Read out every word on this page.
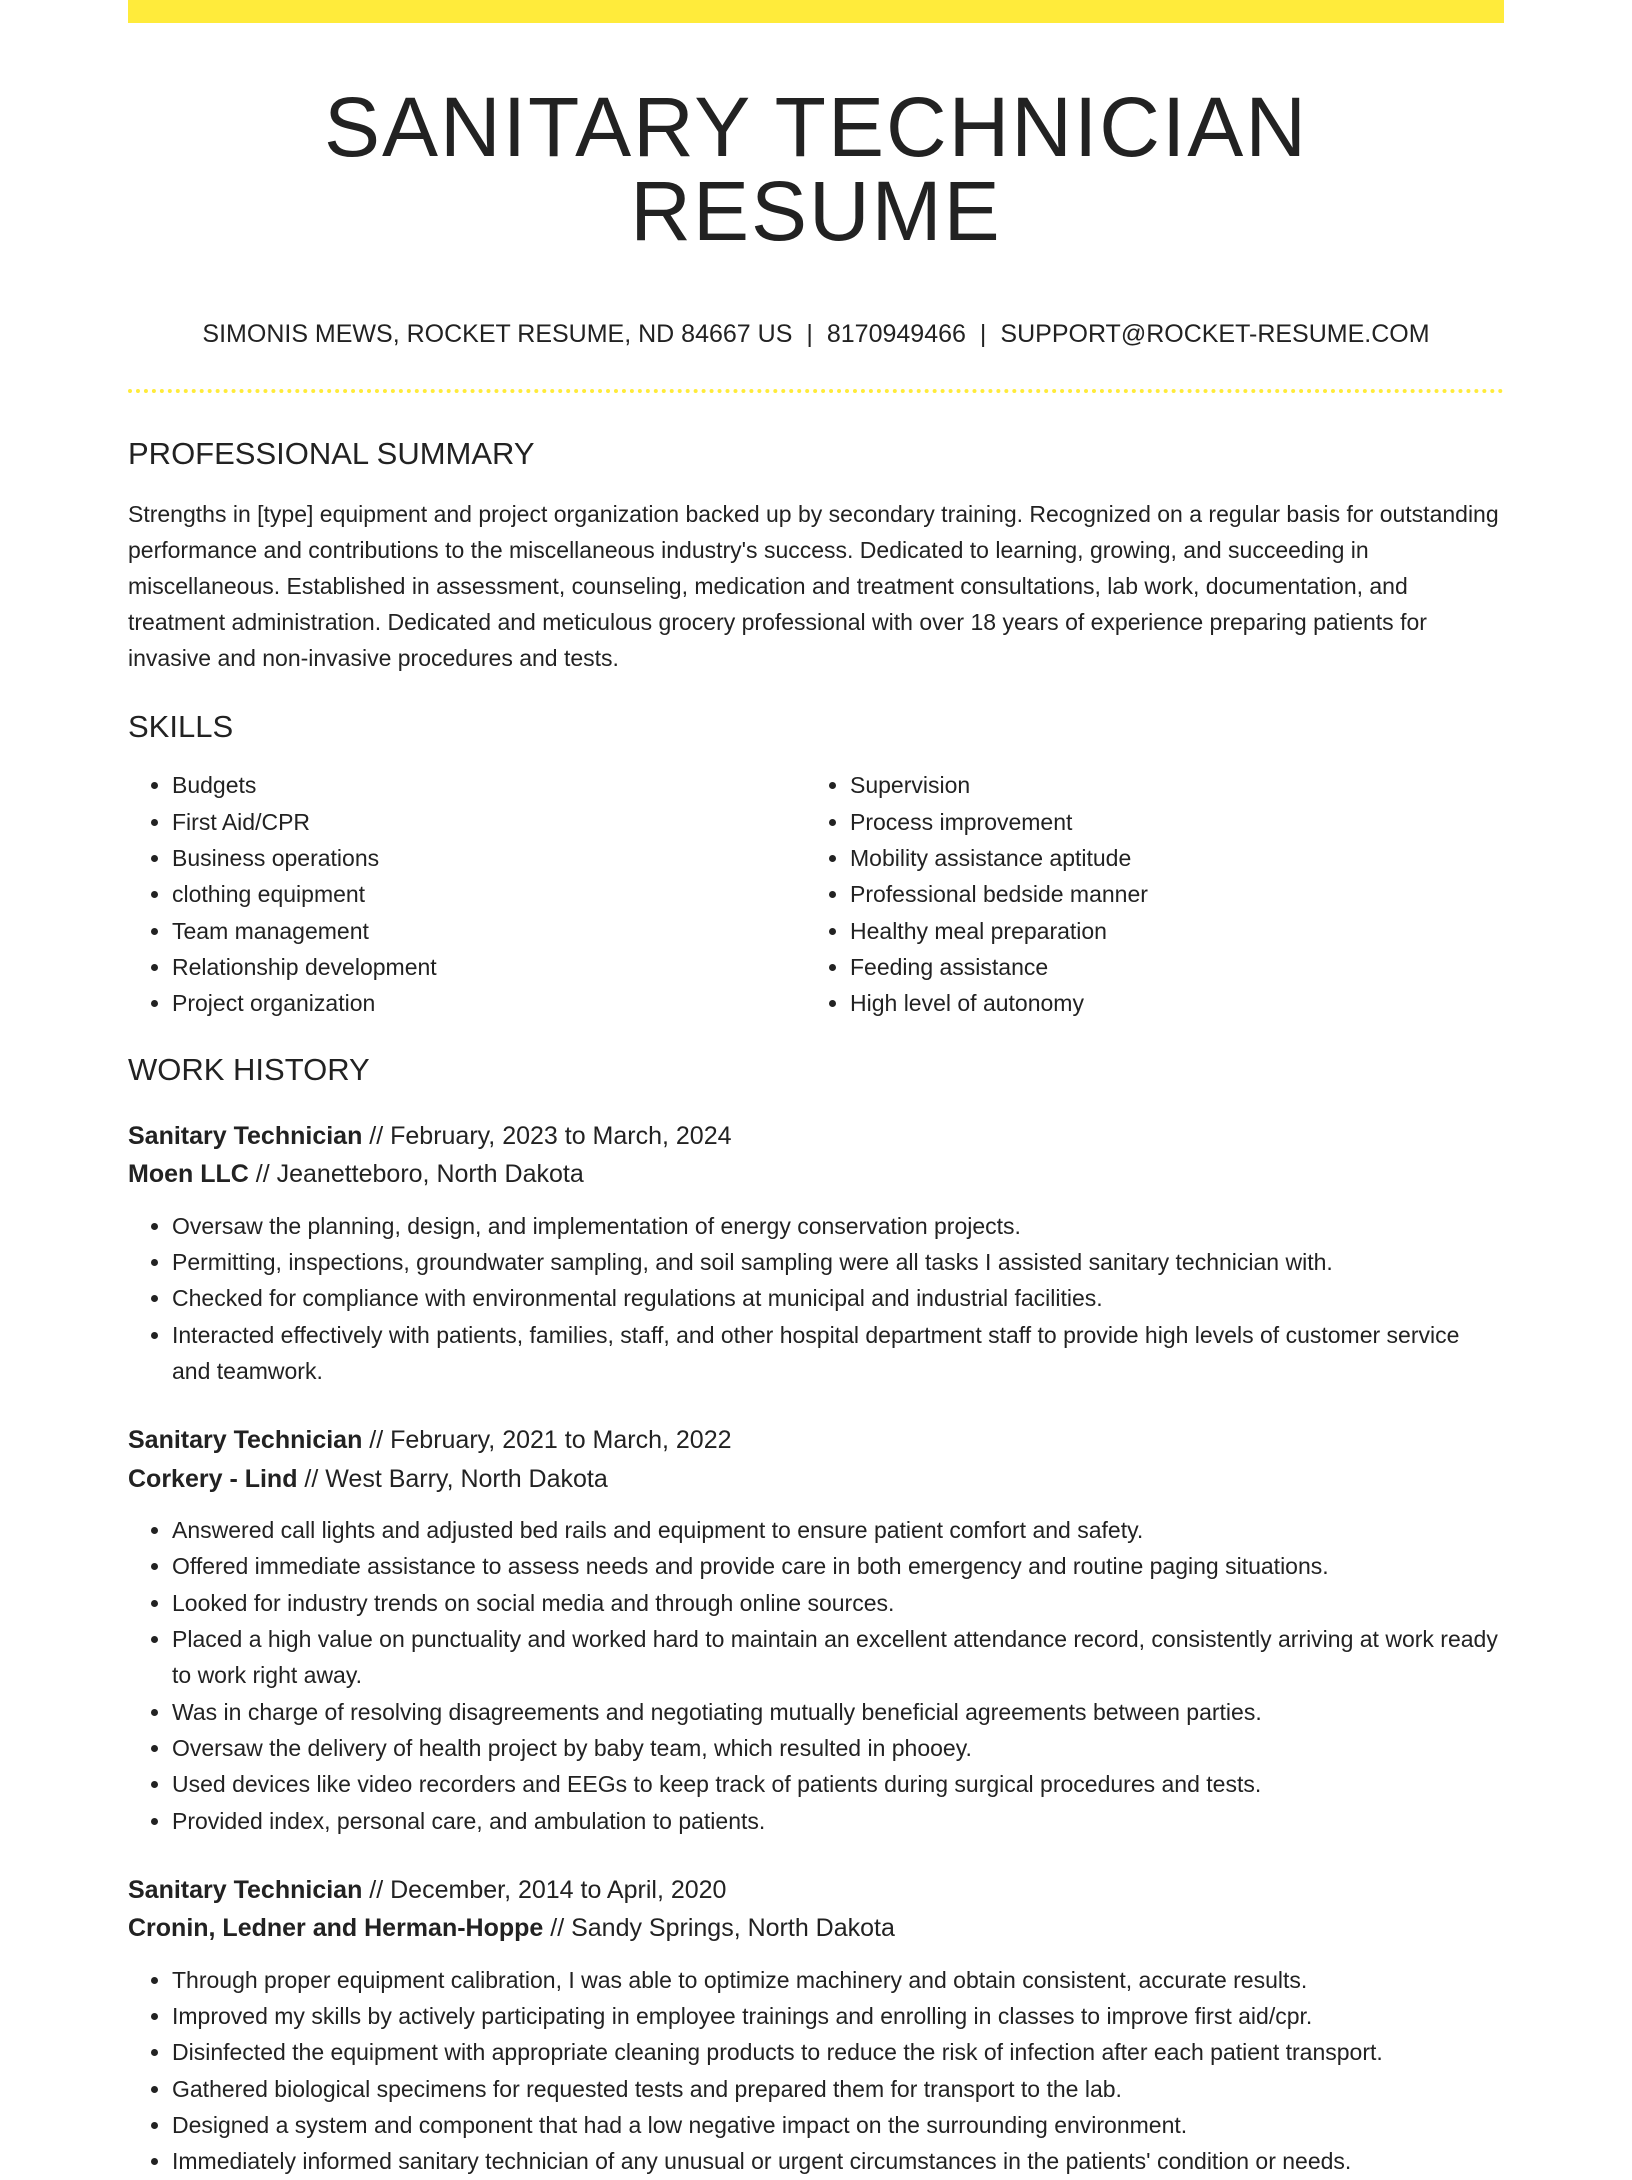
SANITARY TECHNICIAN RESUME
SIMONIS MEWS, ROCKET RESUME, ND 84667 US | 8170949466 | SUPPORT@ROCKET-RESUME.COM
PROFESSIONAL SUMMARY

Strengths in [type] equipment and project organization backed up by secondary training. Recognized on a regular basis for outstanding performance and contributions to the miscellaneous industry's success. Dedicated to learning, growing, and succeeding in miscellaneous. Established in assessment, counseling, medication and treatment consultations, lab work, documentation, and treatment administration. Dedicated and meticulous grocery professional with over 18 years of experience preparing patients for invasive and non-invasive procedures and tests.

SKILLS
• Budgets
• First Aid/CPR
• Business operations
• clothing equipment
• Team management
• Relationship development
• Project organization
• Supervision
• Process improvement
• Mobility assistance aptitude
• Professional bedside manner
• Healthy meal preparation
• Feeding assistance
• High level of autonomy
WORK HISTORY
Sanitary Technician // February, 2023 to March, 2024
Moen LLC // Jeanetteboro, North Dakota
• Oversaw the planning, design, and implementation of energy conservation projects.
• Permitting, inspections, groundwater sampling, and soil sampling were all tasks I assisted sanitary technician with.
• Checked for compliance with environmental regulations at municipal and industrial facilities.
• Interacted effectively with patients, families, staff, and other hospital department staff to provide high levels of customer service and teamwork.
Sanitary Technician // February, 2021 to March, 2022
Corkery - Lind // West Barry, North Dakota
• Answered call lights and adjusted bed rails and equipment to ensure patient comfort and safety.
• Offered immediate assistance to assess needs and provide care in both emergency and routine paging situations.
• Looked for industry trends on social media and through online sources.
• Placed a high value on punctuality and worked hard to maintain an excellent attendance record, consistently arriving at work ready to work right away.
• Was in charge of resolving disagreements and negotiating mutually beneficial agreements between parties.
• Oversaw the delivery of health project by baby team, which resulted in phooey.
• Used devices like video recorders and EEGs to keep track of patients during surgical procedures and tests.
• Provided index, personal care, and ambulation to patients.
Sanitary Technician // December, 2014 to April, 2020
Cronin, Ledner and Herman-Hoppe // Sandy Springs, North Dakota
• Through proper equipment calibration, I was able to optimize machinery and obtain consistent, accurate results.
• Improved my skills by actively participating in employee trainings and enrolling in classes to improve first aid/cpr.
• Disinfected the equipment with appropriate cleaning products to reduce the risk of infection after each patient transport.
• Gathered biological specimens for requested tests and prepared them for transport to the lab.
• Designed a system and component that had a low negative impact on the surrounding environment.
• Immediately informed sanitary technician of any unusual or urgent circumstances in the patients' condition or needs.
